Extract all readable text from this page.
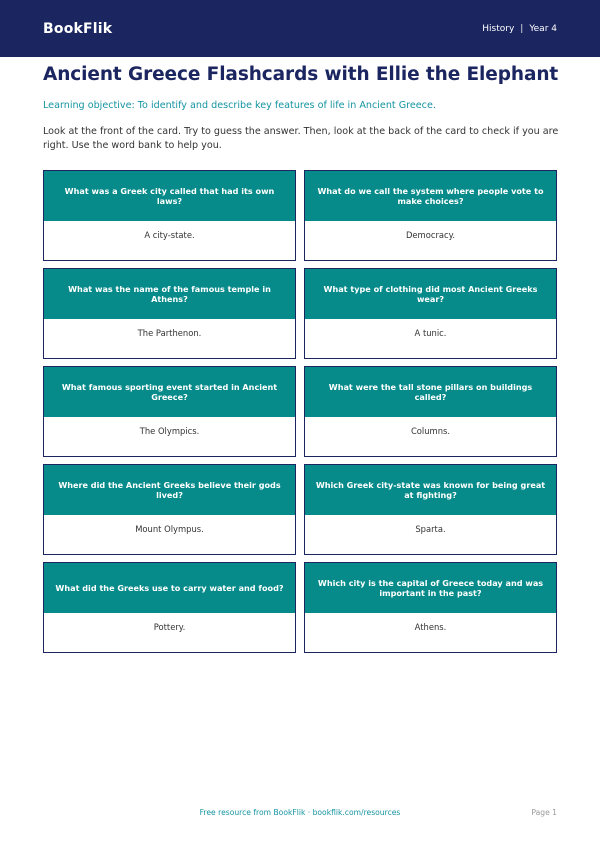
BookFlik	History | Year 4
Ancient Greece Flashcards with Ellie the Elephant

Learning objective: To identify and describe key features of life in Ancient Greece.

Look at the front of the card. Try to guess the answer. Then, look at the back of the card to check if you are right. Use the word bank to help you.

What was a Greek city called that had its own laws?
A city-state.
What do we call the system where people vote to make choices?
Democracy.
What was the name of the famous temple in Athens?
The Parthenon.
What type of clothing did most Ancient Greeks wear?
A tunic.
What famous sporting event started in Ancient Greece?
The Olympics.
What were the tall stone pillars on buildings called?
Columns.
Where did the Ancient Greeks believe their gods lived?
Mount Olympus.
Which Greek city-state was known for being great at fighting?
Sparta.
What did the Greeks use to carry water and food?
Pottery.
Which city is the capital of Greece today and was important in the past?
Athens.
Free resource from BookFlik · bookflik.com/resources	Page 1
